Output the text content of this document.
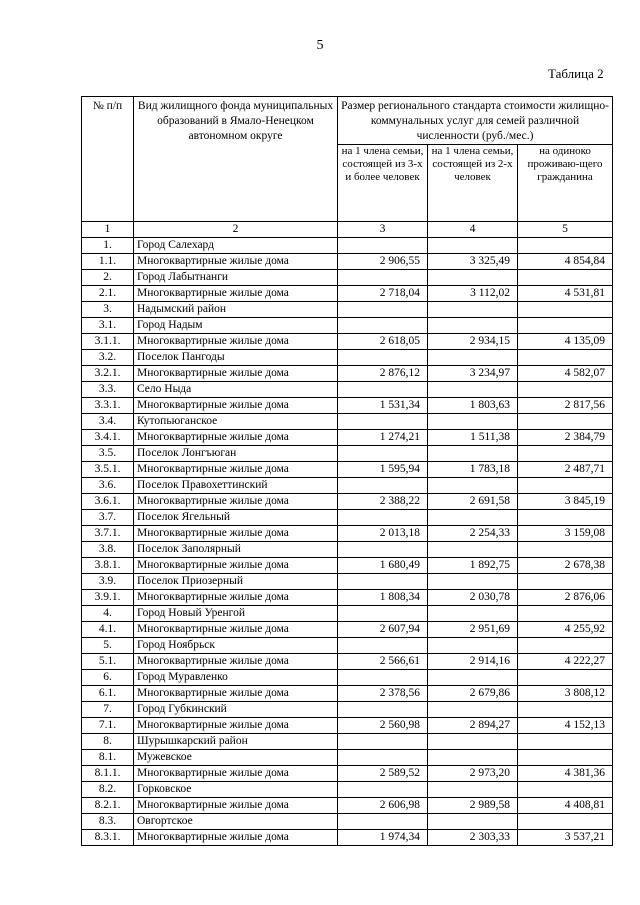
5
Таблица 2
№ п/п	Вид жилищного фонда муниципальных образований в Ямало-Ненецком автономном округе	Размер регионального стандарта стоимости жилищно-коммунальных услуг для семей различной численности (руб./мес.)		
		на 1 члена семьи, состоящей из 3-х и более человек	на 1 члена семьи, состоящей из 2-х человек	на одиноко проживаю-щего гражданина
1	2	3	4	5
1.	Город Салехард			
1.1.	Многоквартирные жилые дома	2 906,55	3 325,49	4 854,84
2.	Город Лабытнанги			
2.1.	Многоквартирные жилые дома	2 718,04	3 112,02	4 531,81
3.	Надымский район			
3.1.	Город Надым			
3.1.1.	Многоквартирные жилые дома	2 618,05	2 934,15	4 135,09
3.2.	Поселок Пангоды			
3.2.1.	Многоквартирные жилые дома	2 876,12	3 234,97	4 582,07
3.3.	Село Ныда			
3.3.1.	Многоквартирные жилые дома	1 531,34	1 803,63	2 817,56
3.4.	Кутопьюганское			
3.4.1.	Многоквартирные жилые дома	1 274,21	1 511,38	2 384,79
3.5.	Поселок Лонгъюган			
3.5.1.	Многоквартирные жилые дома	1 595,94	1 783,18	2 487,71
3.6.	Поселок Правохеттинский			
3.6.1.	Многоквартирные жилые дома	2 388,22	2 691,58	3 845,19
3.7.	Поселок Ягельный			
3.7.1.	Многоквартирные жилые дома	2 013,18	2 254,33	3 159,08
3.8.	Поселок Заполярный			
3.8.1.	Многоквартирные жилые дома	1 680,49	1 892,75	2 678,38
3.9.	Поселок Приозерный			
3.9.1.	Многоквартирные жилые дома	1 808,34	2 030,78	2 876,06
4.	Город Новый Уренгой			
4.1.	Многоквартирные жилые дома	2 607,94	2 951,69	4 255,92
5.	Город Ноябрьск			
5.1.	Многоквартирные жилые дома	2 566,61	2 914,16	4 222,27
6.	Город Муравленко			
6.1.	Многоквартирные жилые дома	2 378,56	2 679,86	3 808,12
7.	Город Губкинский			
7.1.	Многоквартирные жилые дома	2 560,98	2 894,27	4 152,13
8.	Шурышкарский район			
8.1.	Мужевское			
8.1.1.	Многоквартирные жилые дома	2 589,52	2 973,20	4 381,36
8.2.	Горковское			
8.2.1.	Многоквартирные жилые дома	2 606,98	2 989,58	4 408,81
8.3.	Овгортское			
8.3.1.	Многоквартирные жилые дома	1 974,34	2 303,33	3 537,21
